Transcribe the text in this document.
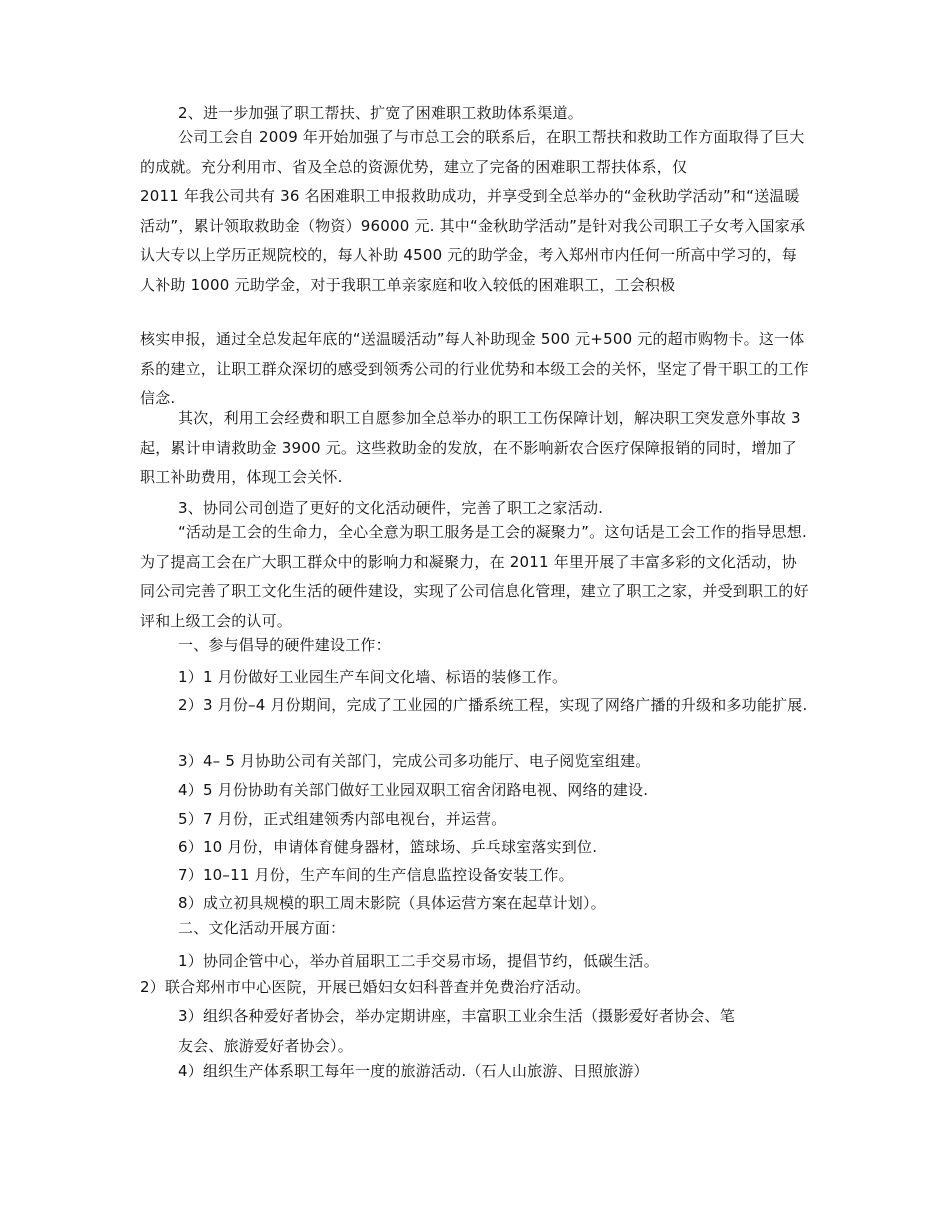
2、进一步加强了职工帮扶、扩宽了困难职工救助体系渠道。

公司工会自 2009 年开始加强了与市总工会的联系后，在职工帮扶和救助工作方面取得了巨大的成就。充分利用市、省及全总的资源优势，建立了完备的困难职工帮扶体系，仅

2011 年我公司共有 36 名困难职工申报救助成功，并享受到全总举办的“金秋助学活动”和“送温暖活动”，累计领取救助金（物资）96000 元. 其中“金秋助学活动”是针对我公司职工子女考入国家承认大专以上学历正规院校的，每人补助 4500 元的助学金，考入郑州市内任何一所高中学习的，每人补助 1000 元助学金，对于我职工单亲家庭和收入较低的困难职工，工会积极

核实申报，通过全总发起年底的“送温暖活动”每人补助现金 500 元+500 元的超市购物卡。这一体系的建立，让职工群众深切的感受到领秀公司的行业优势和本级工会的关怀，坚定了骨干职工的工作信念.

其次，利用工会经费和职工自愿参加全总举办的职工工伤保障计划，解决职工突发意外事故 3 起，累计申请救助金 3900 元。这些救助金的发放，在不影响新农合医疗保障报销的同时，增加了职工补助费用，体现工会关怀.

3、协同公司创造了更好的文化活动硬件，完善了职工之家活动.

“活动是工会的生命力，全心全意为职工服务是工会的凝聚力”。这句话是工会工作的指导思想. 为了提高工会在广大职工群众中的影响力和凝聚力，在 2011 年里开展了丰富多彩的文化活动，协同公司完善了职工文化生活的硬件建设，实现了公司信息化管理，建立了职工之家，并受到职工的好评和上级工会的认可。

一、参与倡导的硬件建设工作：

1）1 月份做好工业园生产车间文化墙、标语的装修工作。

2）3 月份–4 月份期间，完成了工业园的广播系统工程，实现了网络广播的升级和多功能扩展.

3）4– 5 月协助公司有关部门，完成公司多功能厅、电子阅览室组建。

4）5 月份协助有关部门做好工业园双职工宿舍闭路电视、网络的建设.

5）7 月份，正式组建领秀内部电视台，并运营。

6）10 月份，申请体育健身器材，篮球场、乒乓球室落实到位.

7）10–11 月份，生产车间的生产信息监控设备安装工作。

8）成立初具规模的职工周末影院（具体运营方案在起草计划）。

二、文化活动开展方面：

1）协同企管中心，举办首届职工二手交易市场，提倡节约，低碳生活。

2）联合郑州市中心医院，开展已婚妇女妇科普查并免费治疗活动。

3）组织各种爱好者协会，举办定期讲座，丰富职工业余生活（摄影爱好者协会、笔友会、旅游爱好者协会）。

4）组织生产体系职工每年一度的旅游活动.（石人山旅游、日照旅游）
